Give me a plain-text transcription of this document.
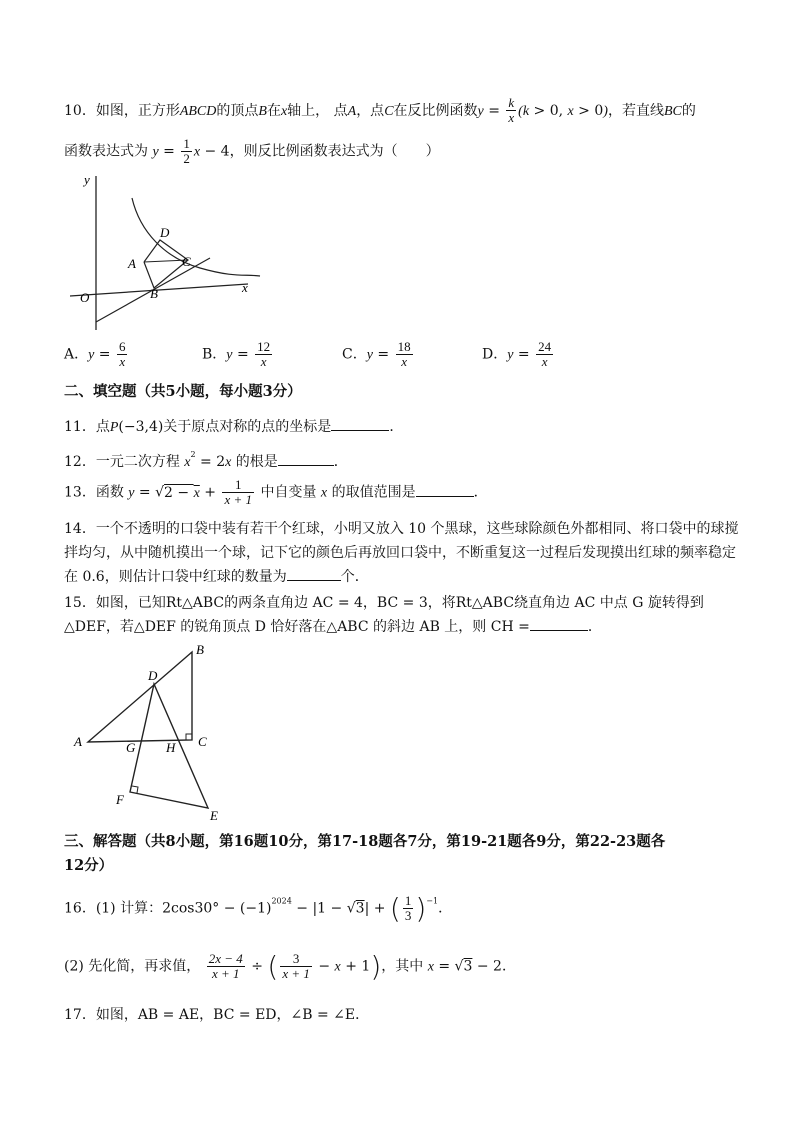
10．如图，正方形ABCD的顶点B在x轴上， 点A，点C在反比例函数$y = \frac{k}{x} (k > 0$, x > 0)，若直线BC的
函数表达式为 $y = \frac{1}{2}$ x − 4，则反比例函数表达式为（　　）
y
D
A	C
O	B	x
A．$y = \frac{6}{x}$	B．$y = \frac{12}{x}$	C．$y = \frac{18}{x}$	D．$y = \frac{24}{x}$
二、填空题（共5小题，每小题3分）
11．点P(−3,4)关于原点对称的点的坐标是	．
12．一元二次方程 $x^2 = 2x$ 的根是	．
13．函数 $y = √2 - x + \frac{1}{x + 1}$ 中自变量 x 的取值范围是	．
14．一个不透明的口袋中装有若干个红球，小明又放入 10 个黑球，这些球除颜色外都相同、将口袋中的球搅
拌均匀，从中随机摸出一个球，记下它的颜色后再放回口袋中，不断重复这一过程后发现摸出红球的频率稳定
在 0.6，则估计口袋中红球的数量为	个．
15．如图，已知Rt△ABC的两条直角边 AC = 4，BC = 3，将Rt△ABC绕直角边 AC 中点 G 旋转得到
△DEF，若△DEF 的锐角顶点 D 恰好落在△ABC 的斜边 AB 上，则 CH =	．
B
D
A	G H C
F
E
三、解答题（共8小题，第16题10分，第17-18题各7分，第19-21题各9分，第22-23题各
12分）
16．(1) 计算：$2\cos 30^\circ - (-1)^{2024} - |1 - √3|$ + ( $\frac{1}{3} )^{-1}$．
(2) 先化简，再求值， $\frac{2x - 4}{x + 1}$ ÷ ( $\frac{3}{x + 1} - x + 1$)，其中 x = √3 − 2．
17．如图，AB = AE，BC = ED，∠B = ∠E．
